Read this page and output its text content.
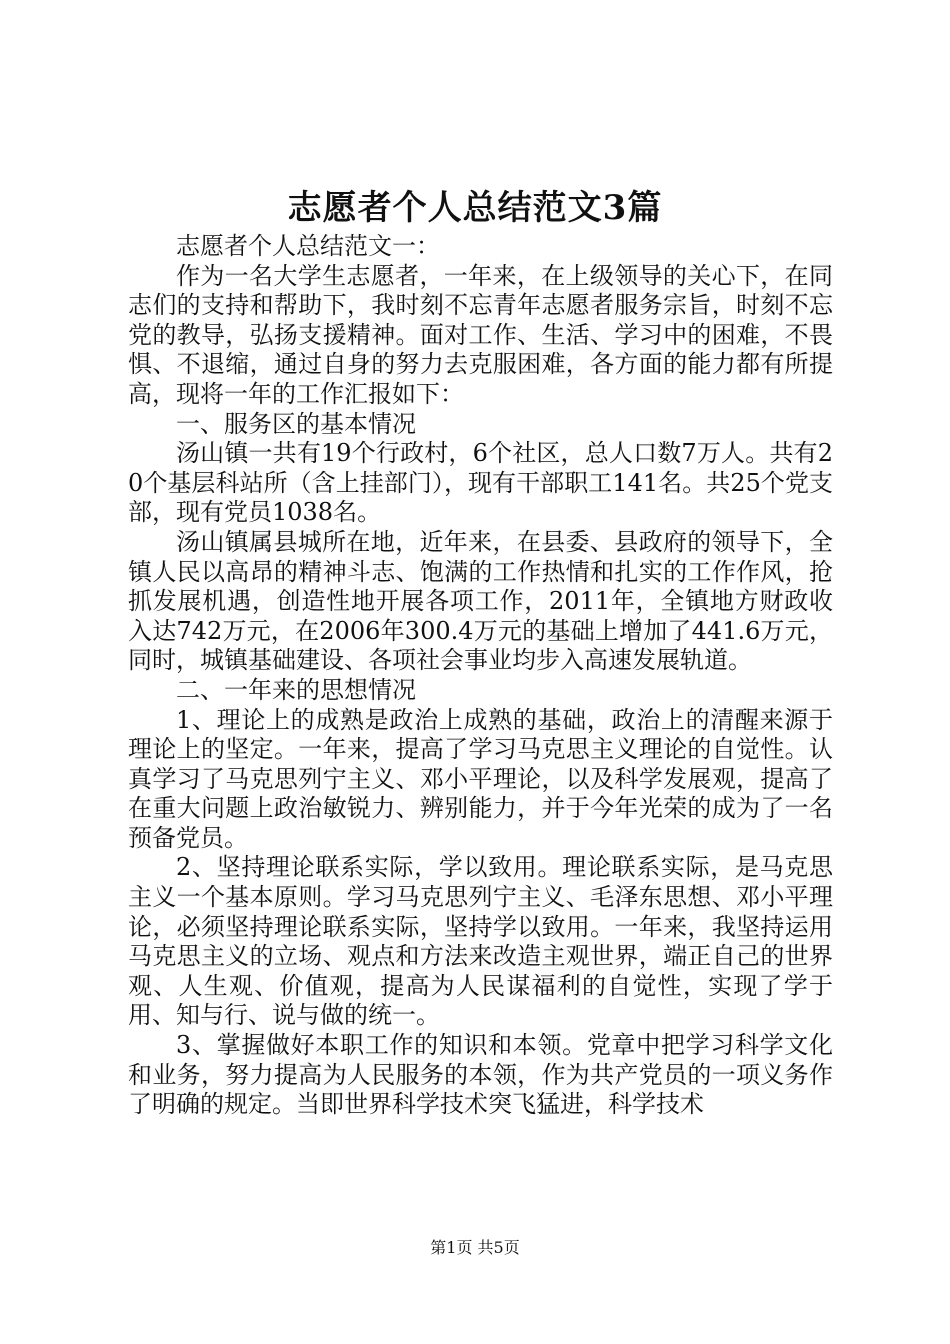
志愿者个人总结范文3篇

志愿者个人总结范文一：

作为一名大学生志愿者，一年来，在上级领导的关心下，在同志们的支持和帮助下，我时刻不忘青年志愿者服务宗旨，时刻不忘党的教导，弘扬支援精神。面对工作、生活、学习中的困难，不畏惧、不退缩，通过自身的努力去克服困难，各方面的能力都有所提高，现将一年的工作汇报如下：

一、服务区的基本情况

汤山镇一共有19个行政村，6个社区，总人口数7万人。共有20个基层科站所（含上挂部门），现有干部职工141名。共25个党支部，现有党员1038名。

汤山镇属县城所在地，近年来，在县委、县政府的领导下，全镇人民以高昂的精神斗志、饱满的工作热情和扎实的工作作风，抢抓发展机遇，创造性地开展各项工作，2011年，全镇地方财政收入达742万元，在2006年300.4万元的基础上增加了441.6万元，同时，城镇基础建设、各项社会事业均步入高速发展轨道。

二、一年来的思想情况

1、理论上的成熟是政治上成熟的基础，政治上的清醒来源于理论上的坚定。一年来，提高了学习马克思主义理论的自觉性。认真学习了马克思列宁主义、邓小平理论，以及科学发展观，提高了在重大问题上政治敏锐力、辨别能力，并于今年光荣的成为了一名预备党员。

2、坚持理论联系实际，学以致用。理论联系实际，是马克思主义一个基本原则。学习马克思列宁主义、毛泽东思想、邓小平理论，必须坚持理论联系实际，坚持学以致用。一年来，我坚持运用马克思主义的立场、观点和方法来改造主观世界，端正自己的世界观、人生观、价值观，提高为人民谋福利的自觉性，实现了学于用、知与行、说与做的统一。

3、掌握做好本职工作的知识和本领。党章中把学习科学文化和业务，努力提高为人民服务的本领，作为共产党员的一项义务作了明确的规定。当即世界科学技术突飞猛进，科学技术

第1页 共5页
